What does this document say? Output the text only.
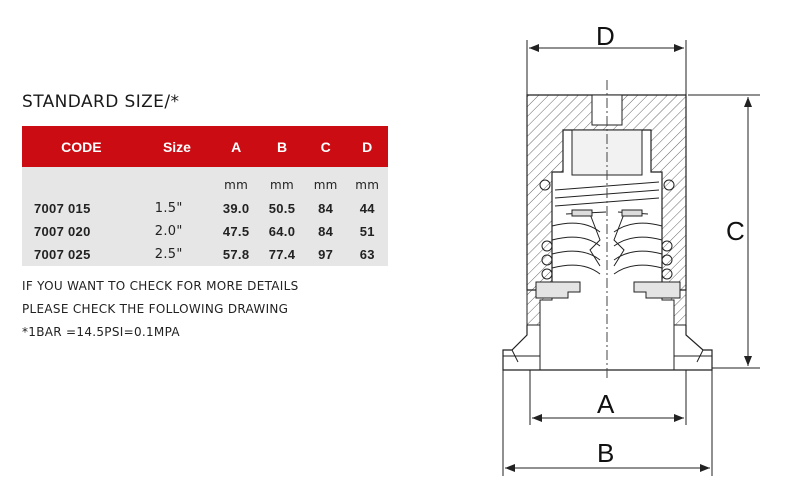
STANDARD SIZE/*
CODE	Size	A	B	C	D
		mm	mm	mm	mm
7007 015	1.5"	39.0	50.5	84	44
7007 020	2.0"	47.5	64.0	84	51
7007 025	2.5"	57.8	77.4	97	63
IF YOU WANT TO CHECK FOR MORE DETAILS
PLEASE CHECK THE FOLLOWING DRAWING
*1BAR =14.5PSI=0.1MPA
D
C
A
B
